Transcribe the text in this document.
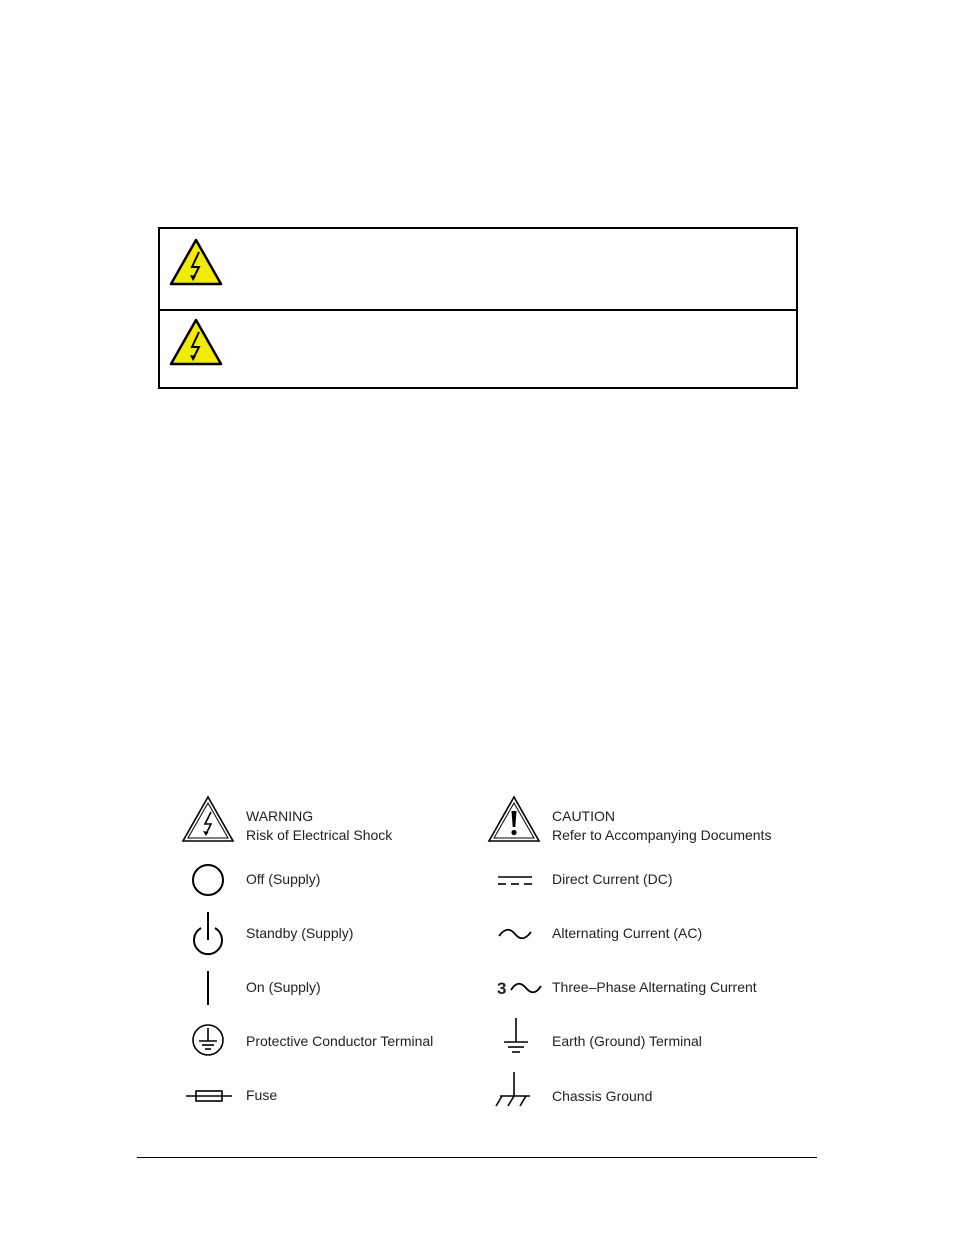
WARNING
Risk of Electrical Shock
Off (Supply)
Standby (Supply)
On (Supply)
Protective Conductor Terminal
Fuse
CAUTION
Refer to Accompanying Documents
Direct Current (DC)
Alternating Current (AC)
3	Three–Phase Alternating Current
Earth (Ground) Terminal
Chassis Ground
